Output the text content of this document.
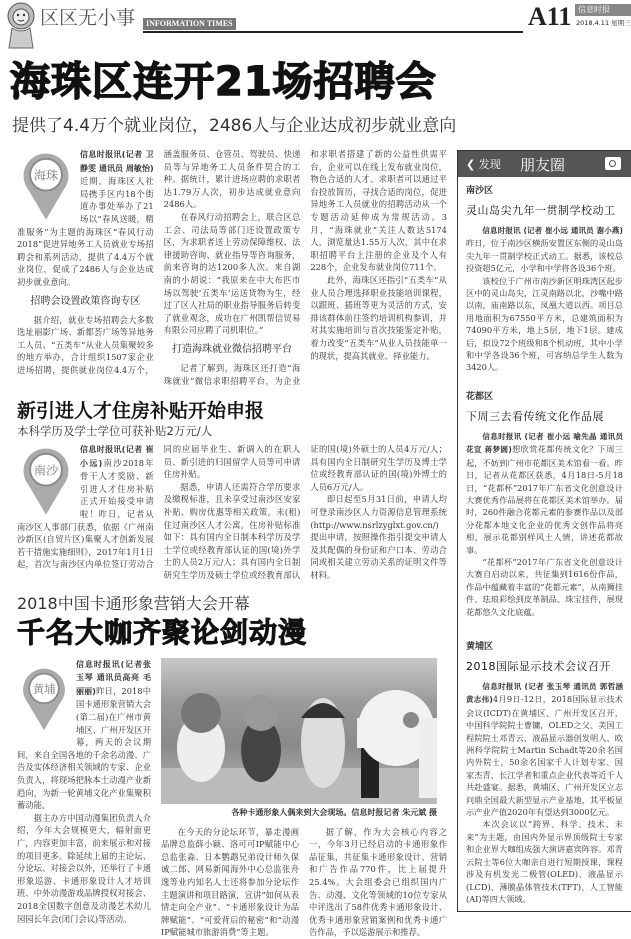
区区无小事	INFORMATION TIMES	A11 信息时报
2018.4.11 星期三
海珠区连开21场招聘会
提供了4.4万个就业岗位，2486人与企业达成初步就业意向
海珠

信息时报讯(记者 卫静雯 通讯员 周敏怡)近期，海珠区人社局携手区内18个街道办事处举办了21场以“春风送暖，精准服务”为主题的海珠区“春风行动2018”促进异地务工人员就业专场招聘会和系列活动，提供了4.4万个就业岗位，促成了2486人与企业达成初步就业意向。

招聘会设置政策咨询专区

据介绍，就业专场招聘会大多数选址丽影广场、新都荟广场等异地务工人员、“五类车”从业人员集聚较多的地方举办，合计组织1507家企业进场招聘，提供就业岗位4.4万个，涵盖服务员、仓管员、驾驶员、快递员等与异地务工人员条件契合的工种。据统计，累计进场应聘的求职者达1.79万人次，初步达成就业意向2486人。

在春风行动招聘会上，联合区总工会、司法局等部门还设置政策专区，为求职者送上劳动保障维权、法律援助咨询、就业指导等咨询服务，前来咨询的达1200多人次。来自湖南的小胡说：“我原来在中大布匹市场以驾驶‘五类车’运送货物为生，经过了区人社局的职业指导服务后转变了就业观念，成功在广州凯帮信贸易有限公司应聘了司机职位。”

打造海珠就业微信招聘平台

记者了解到，海珠区还打造“海珠就业”微信求职招聘平台，为企业和求职者搭建了新的公益性供需平台，企业可以在线上发布就业岗位，物色合适的人才。求职者可以通过平台投放简历，寻找合适的岗位，促进异地务工人员就业的招聘活动从一个专题活动延伸成为常规活动。3月，“海珠就业”关注人数达5174人，浏览量达1.55万人次，其中在求职招聘平台上注册的企业及个人有228个，企业发布就业岗位711个。

此外，海珠区还指引“五类车”从业人员合理选择职业技能培训课程，以跟班、插班等更为灵活的方式，安排该群体前往签约培训机构参训，并对其实施培训与首次技能鉴定补贴，着力改变“五类车”从业人员技能单一的现状，提高其就业、择业能力。

新引进人才住房补贴开始申报
本科学历及学士学位可获补贴2万元/人
南沙

信息时报讯(记者 崔小远)南沙2018年骨干人才奖励、新引进人才住房补贴正式开始接受申请啦！昨日，记者从南沙区人事部门获悉，依据《广州南沙新区(自贸片区)集聚人才创新发展若干措施实施细则》，2017年1月1日起，首次与南沙区内单位签订劳动合同的应届毕业生、新调入的在职人员、新引进的归国留学人员等可申请住房补贴。

据悉，申请人还需符合学历要求及缴税标准，且未享受过南沙区安家补贴、购房优惠等相关政策，未(租)住过南沙区人才公寓。住房补贴标准如下：具有国内全日制本科学历及学士学位或经教育部认证的国(境)外学士的人员2万元/人；具有国内全日制研究生学历及硕士学位或经教育部认证的国(境)外硕士的人员4万元/人；具有国内全日制研究生学历及博士学位或经教育部认证的国(境)外博士的人员6万元/人。

即日起至5月31日前，申请人均可登录南沙区人力资源信息管理系统(http://www.nsrlzyglxt.gov.cn/)提出申请，按照操作指引提交申请人及其配偶的身份证和户口本、劳动合同或相关建立劳动关系的证明文件等材料。

2018中国卡通形象营销大会开幕
千名大咖齐聚论剑动漫
黄埔

信息时报讯(记者张玉琴 通讯员高亮 毛丽丽)昨日，2018中国卡通形象营销大会(第二届)在广州市黄埔区、广州开发区开幕，两天的会议期间，来自全国各地的千余名动漫、广告及实体经济相关领域的专家、企业负责人，将现场把脉本土动漫产业新趋向，为新一轮黄埔文化产业集聚积蓄动能。

据主办方中国动漫集团负责人介绍，今年大会规模更大，辐射面更广，内容更加丰富，前来展示和对接的项目更多。除延续上届的主论坛、分论坛、对接会以外，还举行了卡通形象巡游、卡通形象设计人才培训班、中外动漫游戏品牌授权对接会、2018全国数字创意及动漫艺术幼儿园园长年会(闭门会议)等活动。

各种卡通形象人偶来到大会现场。信息时报记者 朱元斌 摄

在今天的分论坛环节，暴走漫画品牌总监薛小颖、洛可可IP赋能中心总监张淼、日本鹦鹉兄弟设计师久保诚二郎、网易新闻海外中心总监张舟逸等业内知名人士还将参加分论坛作主题演讲和项目路演，宣讲“如何从表情走向全产业”、“卡通形象设计为品牌赋能”、“可爱背后的秘密”和“动漫IP赋能城市旅游消费”等主题。

据了解，作为大会核心内容之一，今年3月已经启动的卡通形象作品征集，共征集卡通形象设计、营销和广告作品770件，比上届提升25.4%。大会组委会已组织国内广告、动漫、文化等领域的10位专家从中评选出了58件优秀卡通形象设计、优秀卡通形象营销案例和优秀卡通广告作品，予以巡游展示和推荐。

❮ 发现 朋友圈
南沙区
灵山岛尖九年一贯制学校动工

信息时报讯 (记者 崔小远 通讯员 谢小燕)昨日，位于南沙区横沥安置区东侧的灵山岛尖九年一贯制学校正式动工。据悉，该校总投资超5亿元，小学和中学将各设36个班。

该校位于广州市南沙新区明珠湾区起步区中的灵山岛尖，江灵南路以北，沙嘴中路以南，庙南路以东，凤凰大道以西。项目总用地面积为67550平方米，总建筑面积为74090平方米，地上5层，地下1层。建成后，拟设72个班级和8个机动班，其中小学和中学各设36个班，可容纳总学生人数为3420人。

花都区
下周三去看传统文化作品展

信息时报讯 (记者 崔小远 喻先晶 通讯员 花宣 蒋梦圆)想欣赏花都传统文化？下周三起，不妨到广州市花都区美术馆看一看。昨日，记者从花都区获悉，4月18日-5月18日，“花都杯”2017年广东省文化创意设计大赛优秀作品展将在花都区美术馆举办。届时，260件融合花都元素的参赛作品以及部分花都本地文化企业的优秀文创作品将亮相，展示花都别样风土人情，讲述花都故事。

“花都杯”2017年广东省文化创意设计大赛自启动以来，共征集到1616份作品，作品中蕴藏着丰富的“花都元素”，从南狮挂件、珐琅彩绘到皮革制品、珠宝挂件，展现花都悠久文化底蕴。

黄埔区
2018国际显示技术会议召开

信息时报讯 (记者 张玉琴 通讯员 郭哲涵 黄志伟)4月9日-12日，2018国际显示技术会议(ICDT)在黄埔区、广州开发区召开，中国科学院院士曹镛，OLED之父、美国工程院院士邓青云，液晶显示器创发明人、欧洲科学院院士Martin Schadt等20余名国内外院士，50余名国家千人计划专家、国家杰青、长江学者和重点企业代表等近千人共赴盛宴。据悉，黄埔区、广州开发区立志问鼎全国最大新型显示产业基地，其平板显示产业产值2020年有望达到3000亿元。

本次会议以“跨界、科学、技术、未来”为主题，由国内外显示界顶级院士专家和企业界大咖组成强大演讲嘉宾阵容。邓青云院士等6位大咖亲自进行短期授课，课程涉及有机发光二极管(OLED)、液晶显示(LCD)、薄膜晶体管技术(TFT)、人工智能(AI)等四大领域。
